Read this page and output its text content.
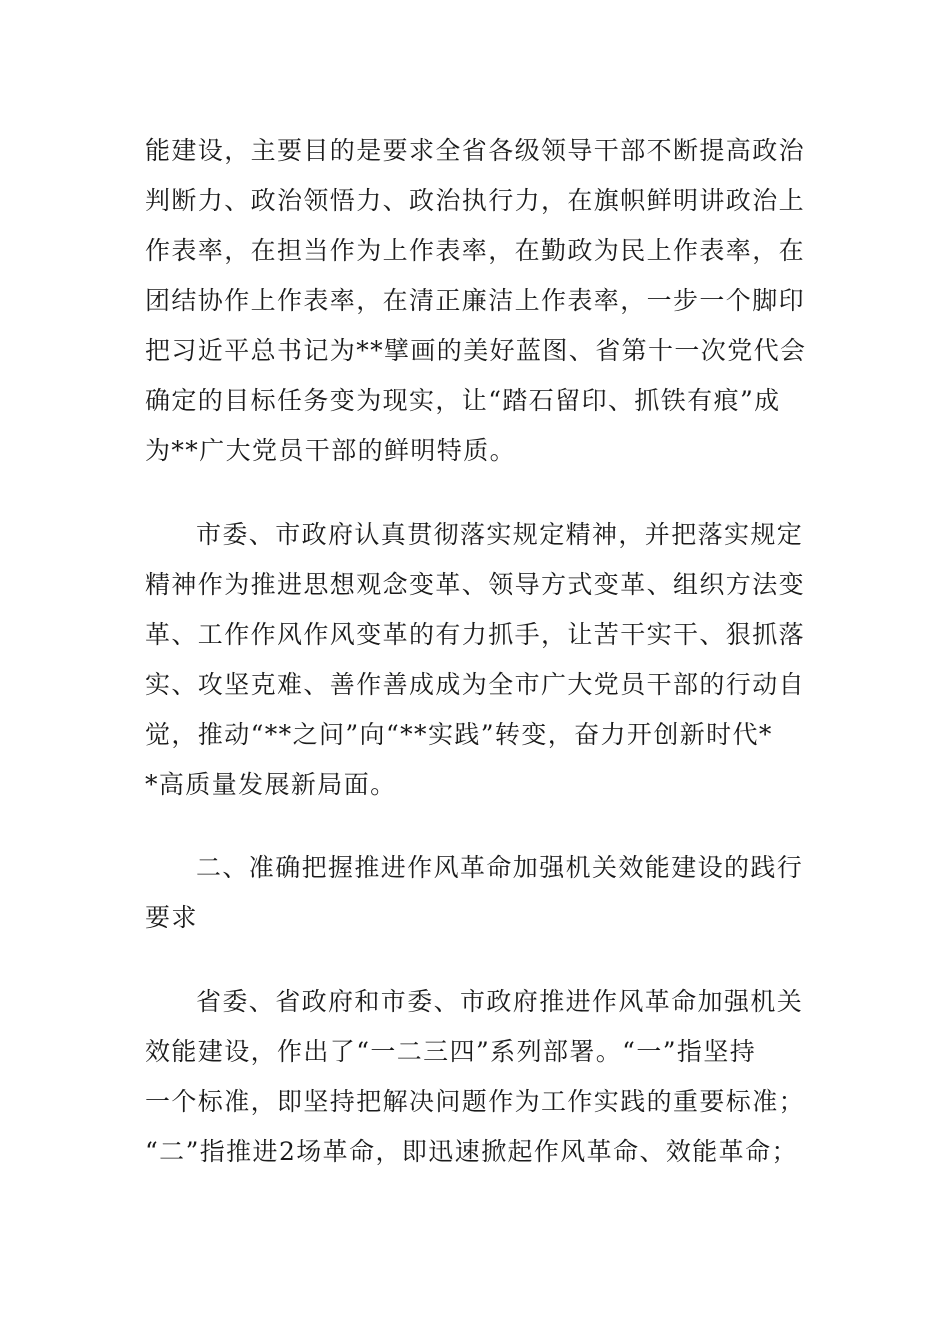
能建设，主要目的是要求全省各级领导干部不断提高政治
判断力、政治领悟力、政治执行力，在旗帜鲜明讲政治上
作表率，在担当作为上作表率，在勤政为民上作表率，在
团结协作上作表率，在清正廉洁上作表率，一步一个脚印
把习近平总书记为**擘画的美好蓝图、省第十一次党代会
确定的目标任务变为现实，让“踏石留印、抓铁有痕”成
为**广大党员干部的鲜明特质。
市委、市政府认真贯彻落实规定精神，并把落实规定
精神作为推进思想观念变革、领导方式变革、组织方法变
革、工作作风作风变革的有力抓手，让苦干实干、狠抓落
实、攻坚克难、善作善成成为全市广大党员干部的行动自
觉，推动“**之问”向“**实践”转变，奋力开创新时代*
*高质量发展新局面。
二、准确把握推进作风革命加强机关效能建设的践行
要求
省委、省政府和市委、市政府推进作风革命加强机关
效能建设，作出了“一二三四”系列部署。“一”指坚持
一个标准，即坚持把解决问题作为工作实践的重要标准；
“二”指推进2场革命，即迅速掀起作风革命、效能革命；
